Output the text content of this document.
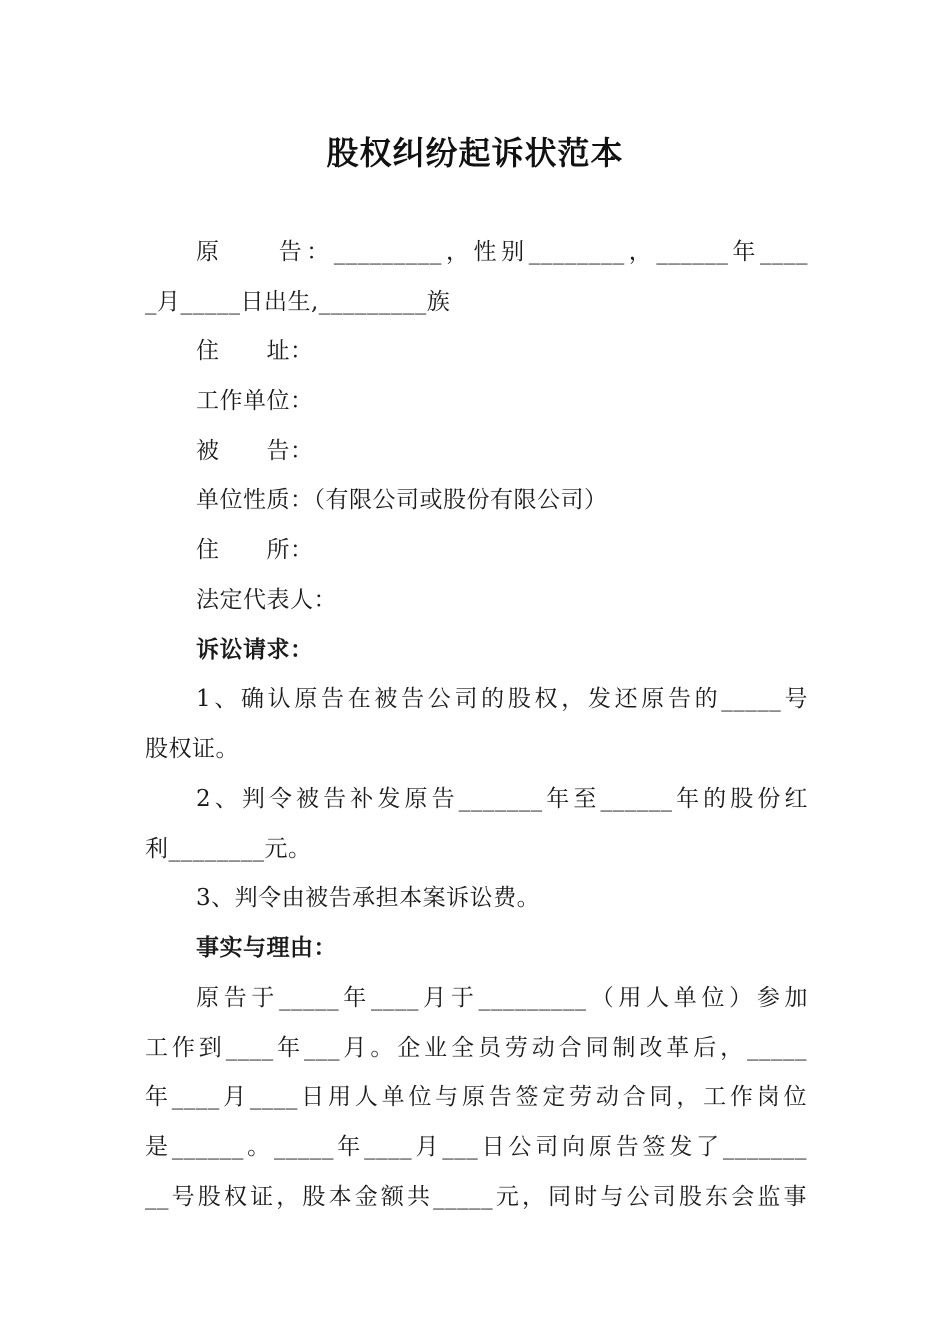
股权纠纷起诉状范本
原　　告：_________，性别________，______年____
_月_____日出生,_________族
住　　址：
工作单位：
被　　告：
单位性质：（有限公司或股份有限公司）
住　　所：
法定代表人：
诉讼请求：
1、确认原告在被告公司的股权，发还原告的_____号
股权证。
2、判令被告补发原告_______年至______年的股份红
利________元。
3、判令由被告承担本案诉讼费。
事实与理由：
原告于_____年____月于_________（用人单位）参加
工作到____年___月。企业全员劳动合同制改革后，_____
年____月____日用人单位与原告签定劳动合同，工作岗位
是______。_____年____月___日公司向原告签发了_______
__号股权证，股本金额共_____元，同时与公司股东会监事
